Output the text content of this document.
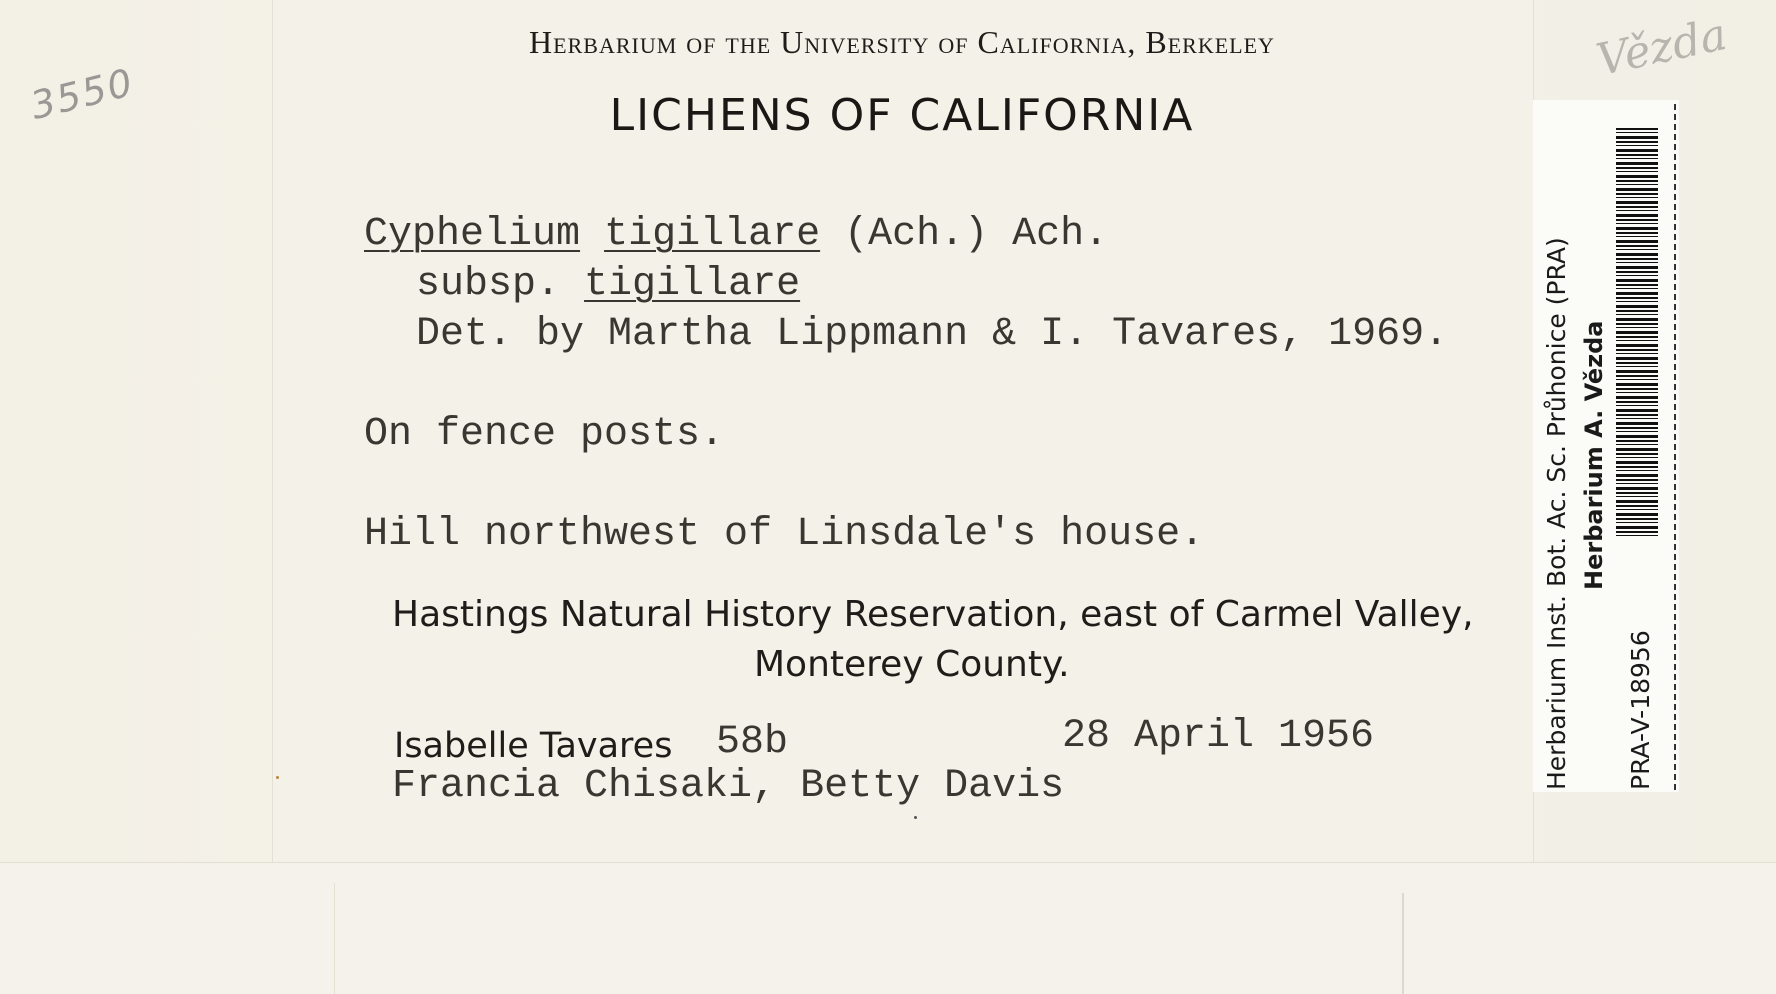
3550
Vězda
Herbarium of the University of California, Berkeley
LICHENS OF CALIFORNIA
Cyphelium tigillare (Ach.) Ach.
subsp. tigillare
Det. by Martha Lippmann & I. Tavares, 1969.
On fence posts.
Hill northwest of Linsdale's house.
Hastings Natural History Reservation, east of Carmel Valley,
Monterey County.
Isabelle Tavares 58b	28 April 1956
Francia Chisaki, Betty Davis	Herbarium Inst. Bot. Ac. Sc. Průhonice (PRA) Herbarium A. Vězda
PRA-V-18956
